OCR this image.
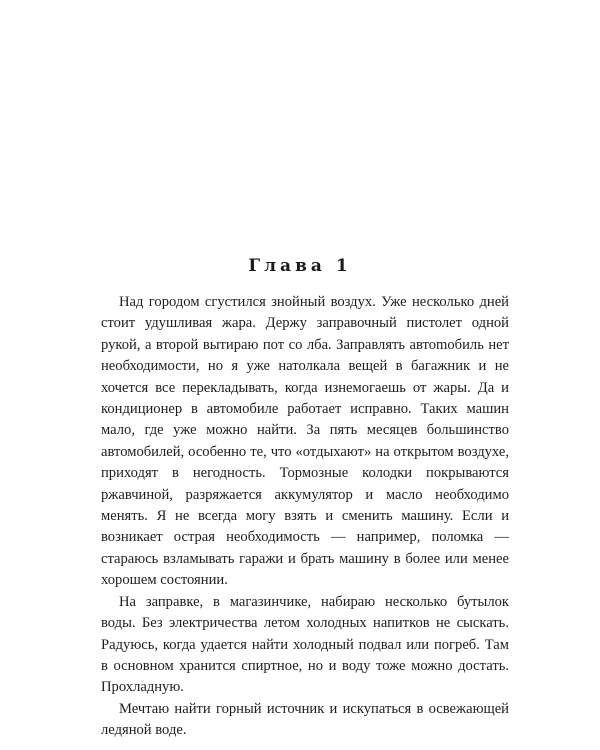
Глава 1

Над городом сгустился знойный воздух. Уже несколько дней стоит удушливая жара. Держу заправочный пистолет одной рукой, а второй вытираю пот со лба. Заправлять автоmобиль нет необходимости, но я уже натолкала вещей в багажник и не хочется все перекладывать, когда изнемогаешь от жары. Да и кондиционер в автомобиле работает исправно. Таких машин мало, где уже можно найти. За пять месяцев большинство автомобилей, особенно те, что «отдыхают» на открытом воздухе, приходят в негодность. Тормозные колодки покрываются ржавчиной, разряжается аккумулятор и масло необходимо менять. Я не всегда могу взять и сменить машину. Если и возникает острая необходимость — например, поломка — стараюсь взламывать гаражи и брать машину в более или менее хорошем состоянии.

На заправке, в магазинчике, набираю несколько бутылок воды. Без электричества летом холодных напитков не сыскать. Радуюсь, когда удается найти холодный подвал или погреб. Там в основном хранится спиртное, но и воду тоже можно достать. Прохладную.

Мечтаю найти горный источник и искупаться в освежающей ледяной воде.
